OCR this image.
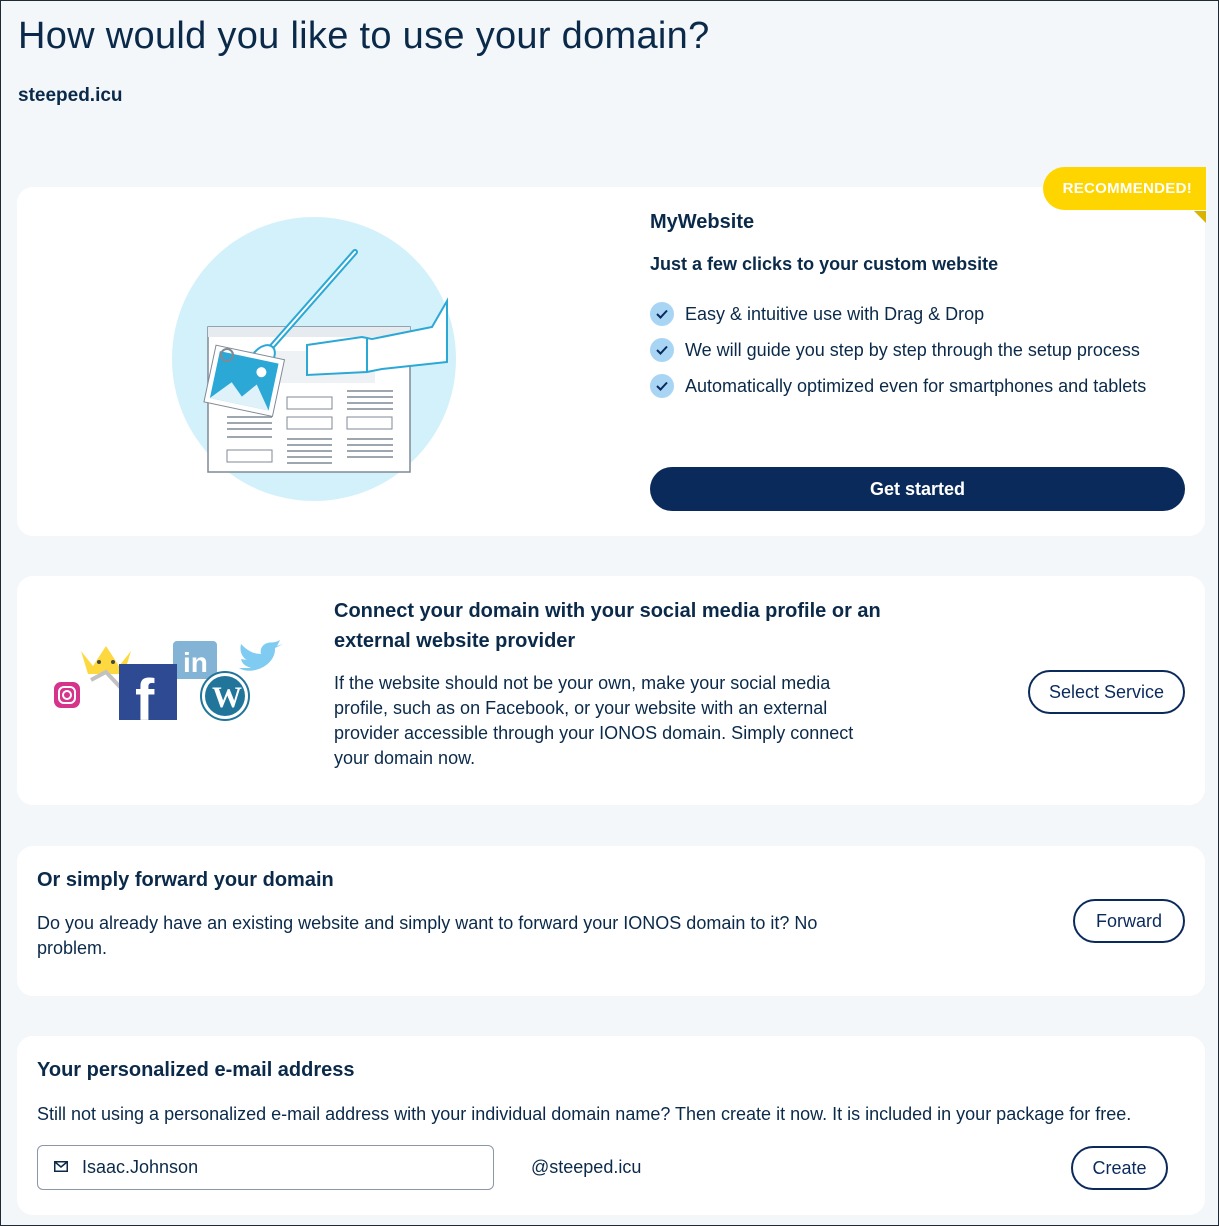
How would you like to use your domain?
steeped.icu
RECOMMENDED!
MyWebsite
Just a few clicks to your custom website
Easy & intuitive use with Drag & Drop
We will guide you step by step through the setup process
Automatically optimized even for smartphones and tablets
Get started
in
f W
Connect your domain with your social media profile or an external website provider
If the website should not be your own, make your social media profile, such as on Facebook, or your website with an external provider accessible through your IONOS domain. Simply connect your domain now.
Select Service
Or simply forward your domain
Do you already have an existing website and simply want to forward your IONOS domain to it? No problem.
Forward
Your personalized e-mail address
Still not using a personalized e-mail address with your individual domain name? Then create it now. It is included in your package for free.
Isaac.Johnson
@steeped.icu	Create
